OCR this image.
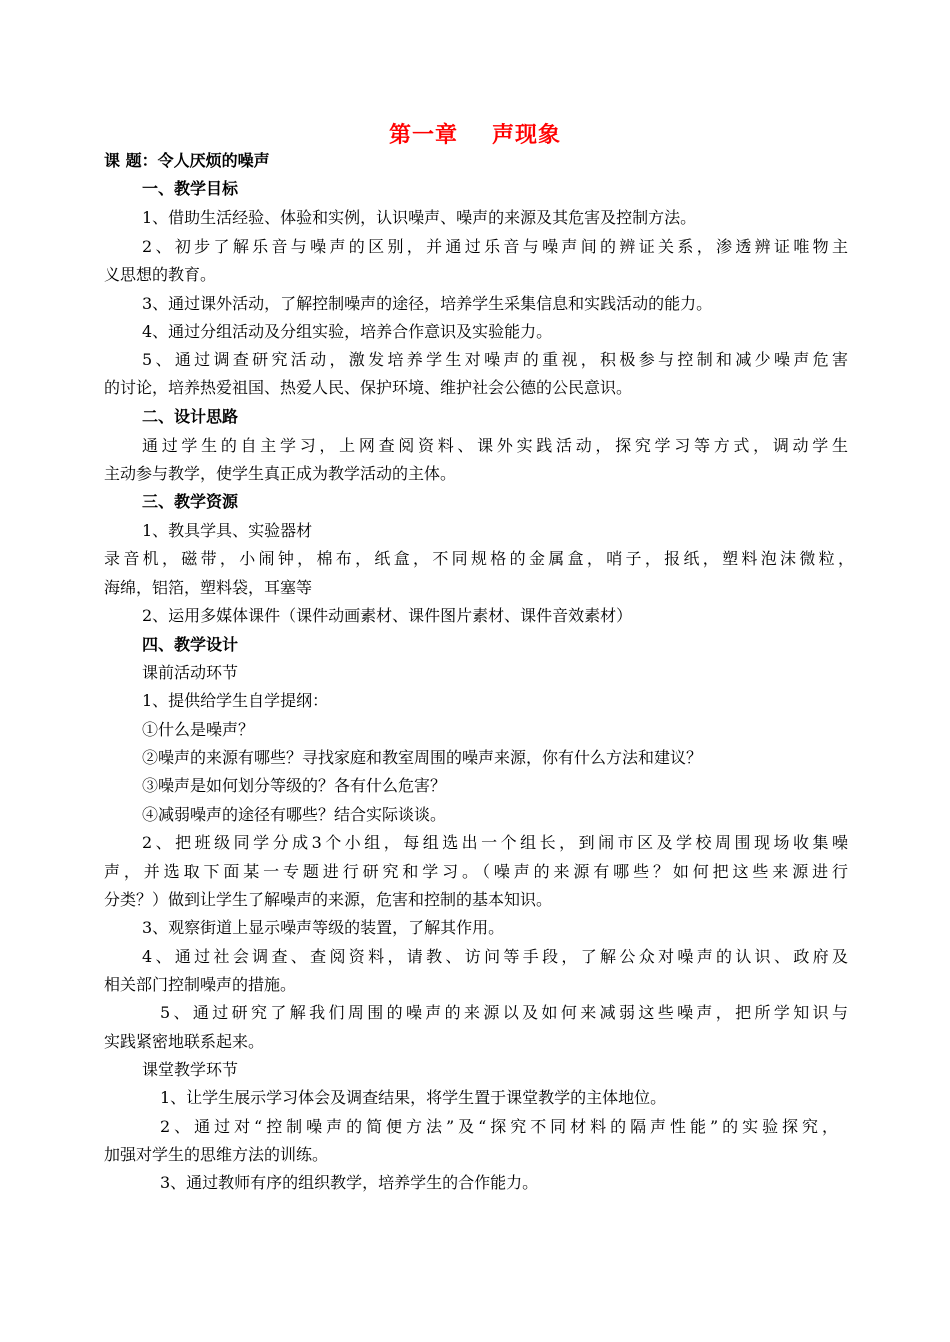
第一章 声现象
课 题：令人厌烦的噪声
一、教学目标
1、借助生活经验、体验和实例，认识噪声、噪声的来源及其危害及控制方法。
2、初步了解乐音与噪声的区别，并通过乐音与噪声间的辨证关系，渗透辨证唯物主
义思想的教育。
3、通过课外活动，了解控制噪声的途径，培养学生采集信息和实践活动的能力。
4、通过分组活动及分组实验，培养合作意识及实验能力。
5、通过调查研究活动，激发培养学生对噪声的重视，积极参与控制和减少噪声危害
的讨论，培养热爱祖国、热爱人民、保护环境、维护社会公德的公民意识。
二、设计思路
通过学生的自主学习，上网查阅资料、课外实践活动，探究学习等方式，调动学生
主动参与教学，使学生真正成为教学活动的主体。
三、教学资源
1、教具学具、实验器材
录音机，磁带，小闹钟，棉布，纸盒，不同规格的金属盒，哨子，报纸，塑料泡沫微粒，
海绵，铝箔，塑料袋，耳塞等
2、运用多媒体课件（课件动画素材、课件图片素材、课件音效素材）
四、教学设计
课前活动环节
1、提供给学生自学提纲：
①什么是噪声？
②噪声的来源有哪些？寻找家庭和教室周围的噪声来源，你有什么方法和建议？
③噪声是如何划分等级的？各有什么危害？
④减弱噪声的途径有哪些？结合实际谈谈。
2、把班级同学分成3个小组，每组选出一个组长，到闹市区及学校周围现场收集噪
声，并选取下面某一专题进行研究和学习。（噪声的来源有哪些？如何把这些来源进行
分类？）做到让学生了解噪声的来源，危害和控制的基本知识。
3、观察街道上显示噪声等级的装置，了解其作用。
4、通过社会调查、查阅资料，请教、访问等手段，了解公众对噪声的认识、政府及
相关部门控制噪声的措施。
5、通过研究了解我们周围的噪声的来源以及如何来减弱这些噪声，把所学知识与
实践紧密地联系起来。
课堂教学环节
1、让学生展示学习体会及调查结果，将学生置于课堂教学的主体地位。
2、通过对“控制噪声的简便方法”及“探究不同材料的隔声性能”的实验探究，
加强对学生的思维方法的训练。
3、通过教师有序的组织教学，培养学生的合作能力。
